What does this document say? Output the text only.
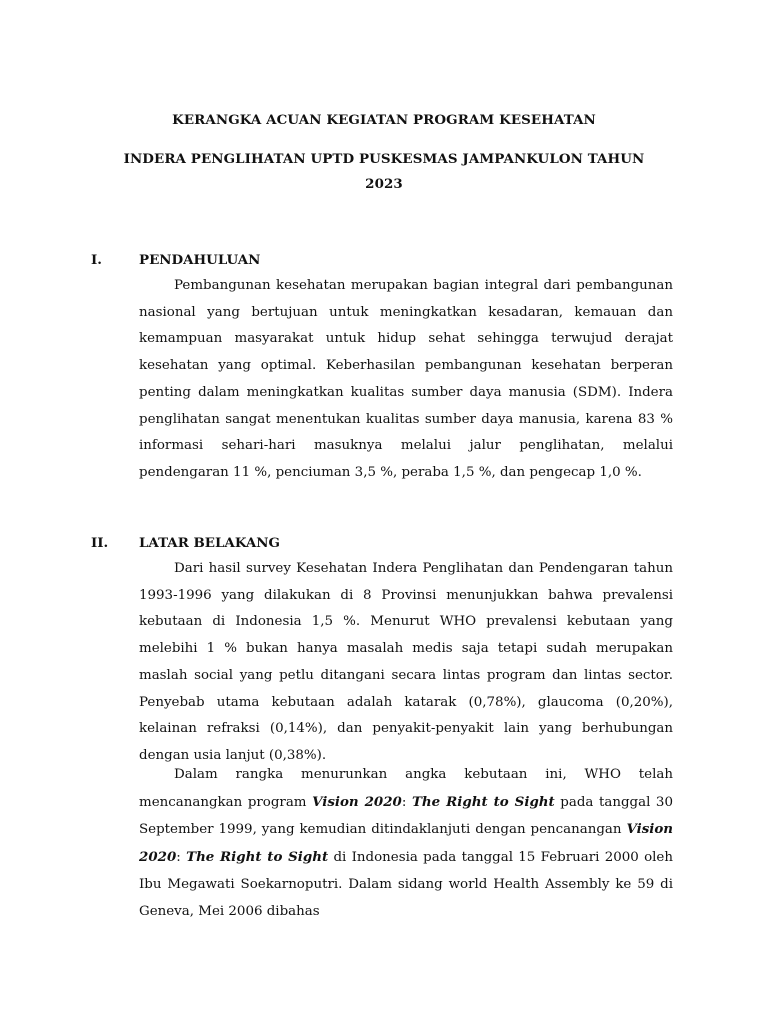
KERANGKA ACUAN KEGIATAN PROGRAM KESEHATAN
INDERA PENGLIHATAN UPTD PUSKESMAS JAMPANKULON TAHUN
2023
I.	PENDAHULUAN

Pembangunan kesehatan merupakan bagian integral dari pembangunan nasional yang bertujuan untuk meningkatkan kesadaran, kemauan dan kemampuan masyarakat untuk hidup sehat sehingga terwujud derajat kesehatan yang optimal. Keberhasilan pembangunan kesehatan berperan penting dalam meningkatkan kualitas sumber daya manusia (SDM). Indera penglihatan sangat menentukan kualitas sumber daya manusia, karena 83 % informasi sehari-hari masuknya melalui jalur penglihatan, melalui pendengaran 11 %, penciuman 3,5 %, peraba 1,5 %, dan pengecap 1,0 %.

II. LATAR BELAKANG

Dari hasil survey Kesehatan Indera Penglihatan dan Pendengaran tahun 1993-1996 yang dilakukan di 8 Provinsi menunjukkan bahwa prevalensi kebutaan di Indonesia 1,5 %. Menurut WHO prevalensi kebutaan yang melebihi 1 % bukan hanya masalah medis saja tetapi sudah merupakan maslah social yang petlu ditangani secara lintas program dan lintas sector. Penyebab utama kebutaan adalah katarak (0,78%), glaucoma (0,20%), kelainan refraksi (0,14%), dan penyakit-penyakit lain yang berhubungan dengan usia lanjut (0,38%).

Dalam rangka menurunkan angka kebutaan ini, WHO telah mencanangkan program Vision 2020: The Right to Sight pada tanggal 30 September 1999, yang kemudian ditindaklanjuti dengan pencanangan Vision 2020: The Right to Sight di Indonesia pada tanggal 15 Februari 2000 oleh Ibu Megawati Soekarnoputri. Dalam sidang world Health Assembly ke 59 di Geneva, Mei 2006 dibahas
